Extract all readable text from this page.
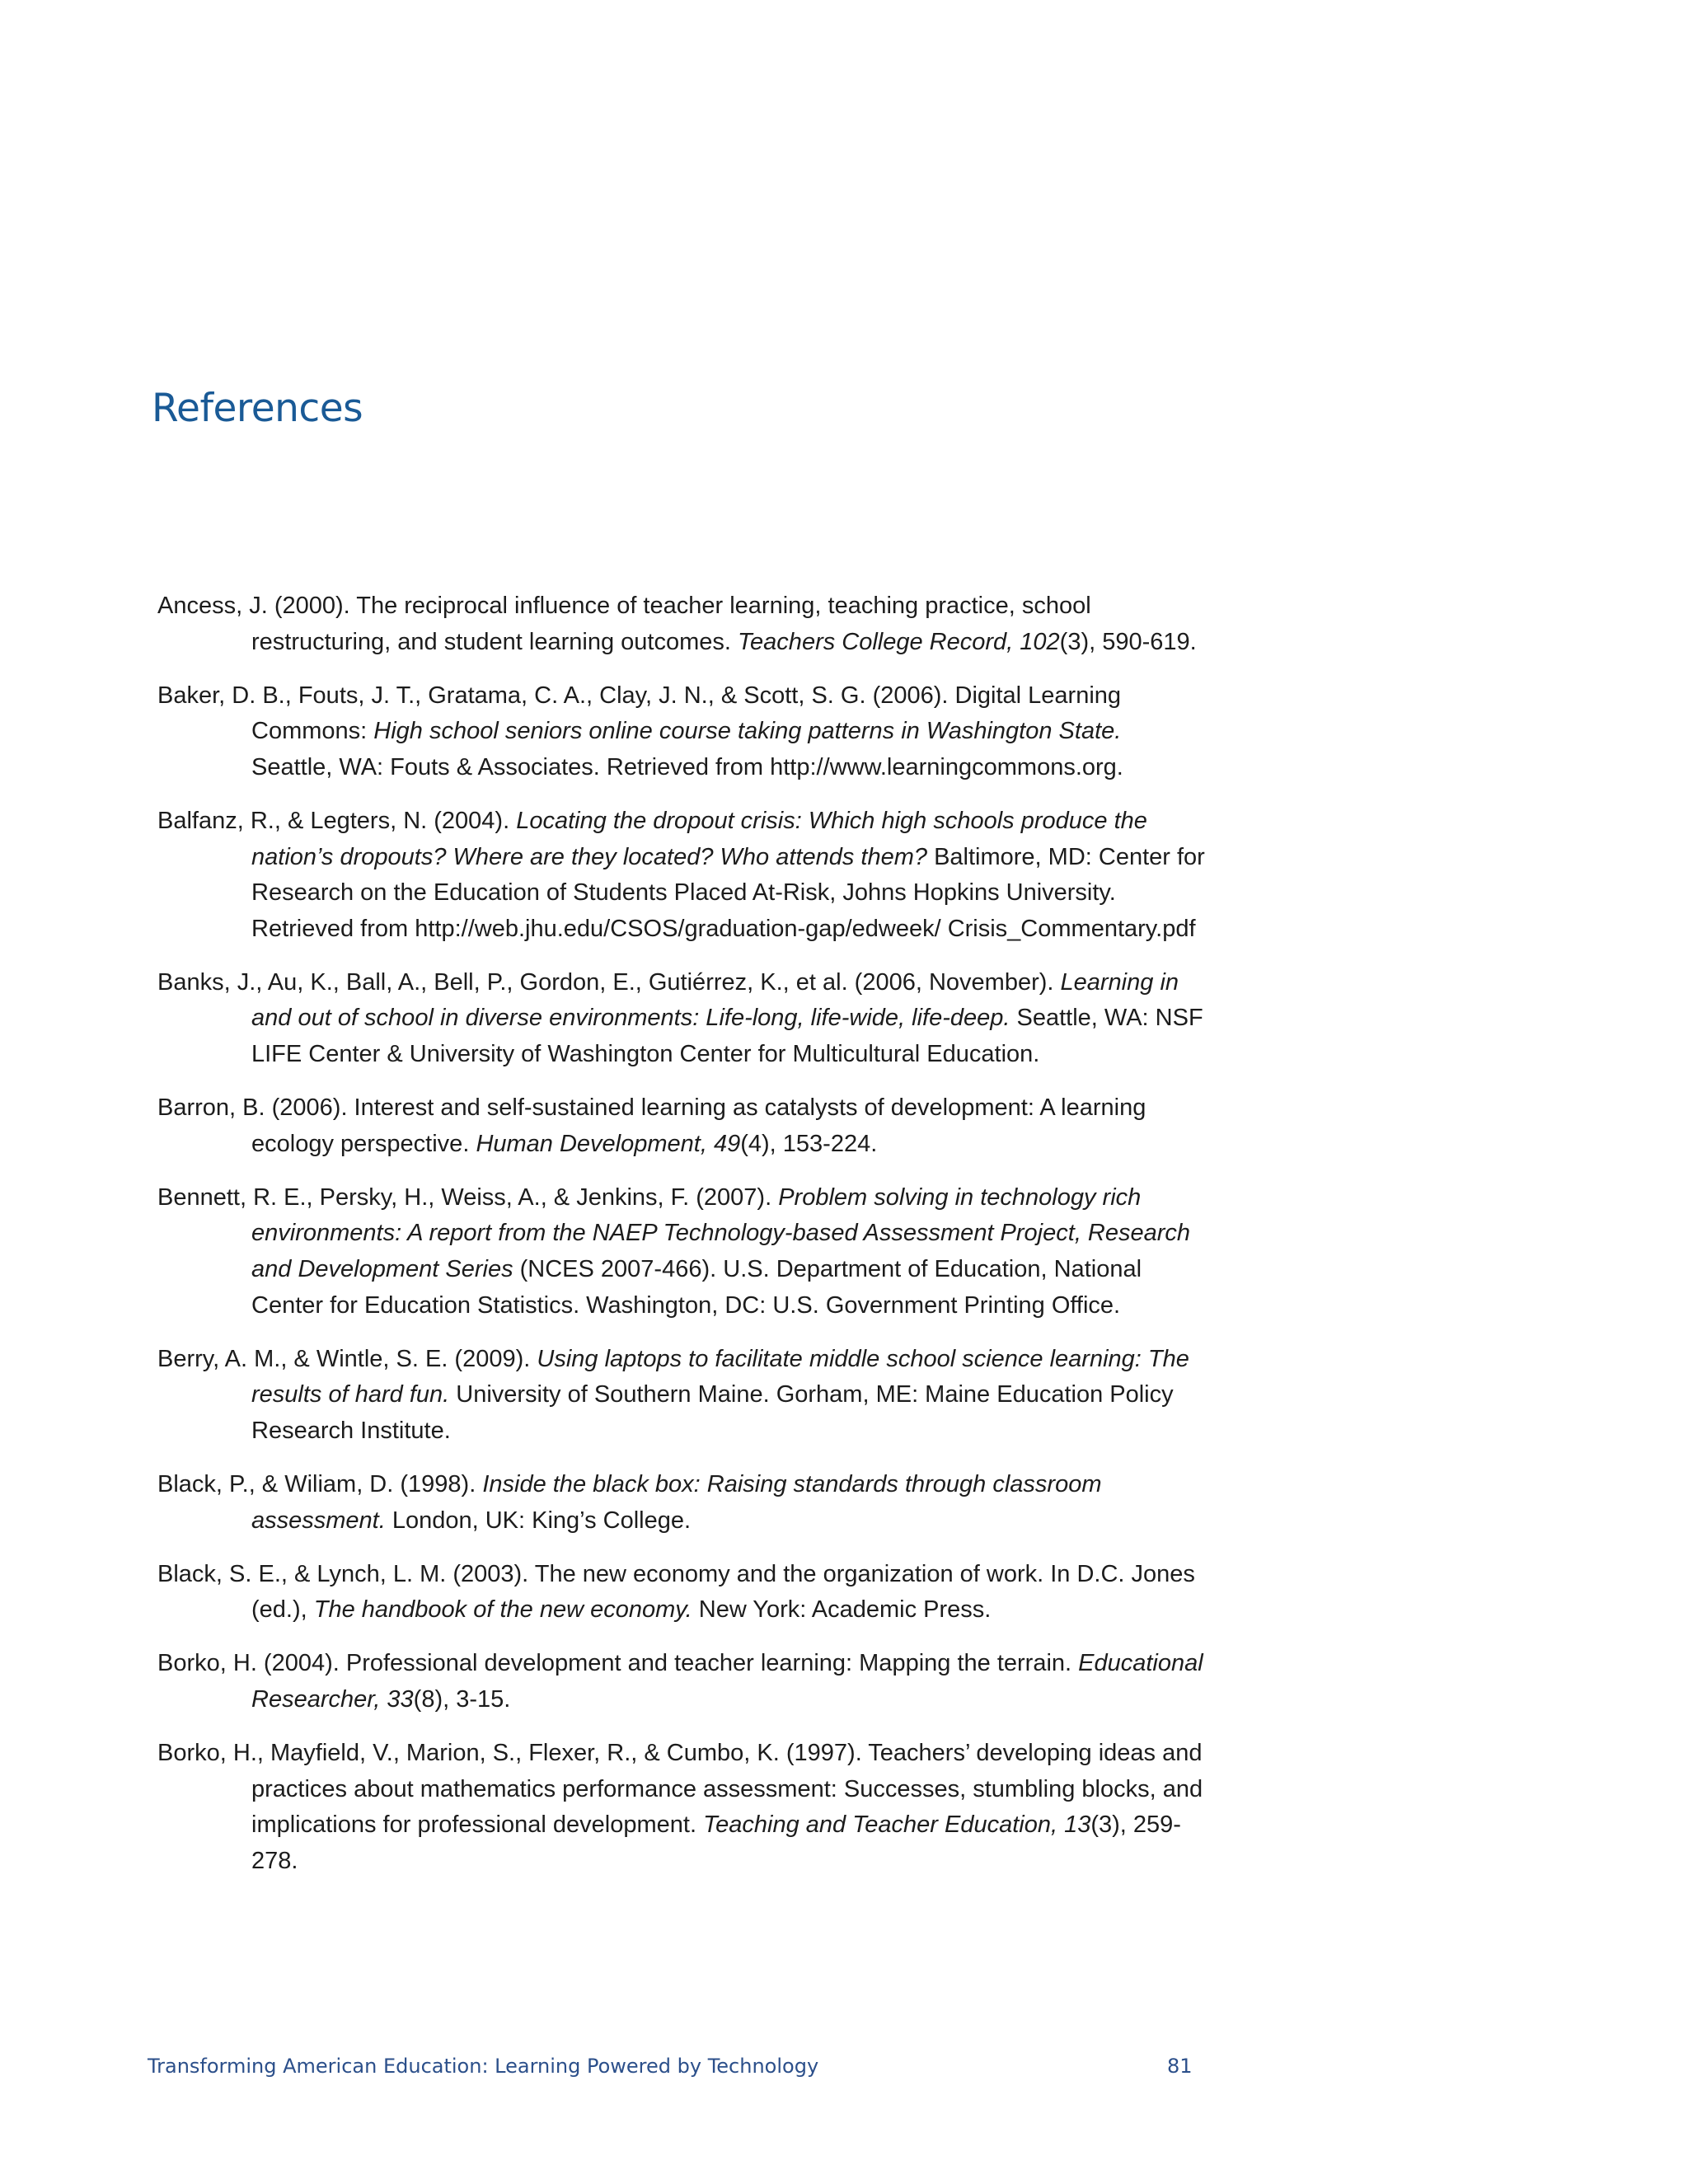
References
Ancess, J. (2000). The reciprocal influence of teacher learning, teaching practice, school restructuring, and student learning outcomes. Teachers College Record, 102(3), 590-619.
Baker, D. B., Fouts, J. T., Gratama, C. A., Clay, J. N., & Scott, S. G. (2006). Digital Learning Commons: High school seniors online course taking patterns in Washington State. Seattle, WA: Fouts & Associates. Retrieved from http://www.learningcommons.org.
Balfanz, R., & Legters, N. (2004). Locating the dropout crisis: Which high schools produce the nation’s dropouts? Where are they located? Who attends them? Baltimore, MD: Center for Research on the Education of Students Placed At-Risk, Johns Hopkins University. Retrieved from http://web.jhu.edu/CSOS/graduation-gap/edweek/ Crisis_Commentary.pdf
Banks, J., Au, K., Ball, A., Bell, P., Gordon, E., Gutiérrez, K., et al. (2006, November). Learning in and out of school in diverse environments: Life-long, life-wide, life-deep. Seattle, WA: NSF LIFE Center & University of Washington Center for Multicultural Education.
Barron, B. (2006). Interest and self-sustained learning as catalysts of development: A learning ecology perspective. Human Development, 49(4), 153-224.
Bennett, R. E., Persky, H., Weiss, A., & Jenkins, F. (2007). Problem solving in technology rich environments: A report from the NAEP Technology-based Assessment Project, Research and Development Series (NCES 2007-466). U.S. Department of Education, National Center for Education Statistics. Washington, DC: U.S. Government Printing Office.
Berry, A. M., & Wintle, S. E. (2009). Using laptops to facilitate middle school science learning: The results of hard fun. University of Southern Maine. Gorham, ME: Maine Education Policy Research Institute.
Black, P., & Wiliam, D. (1998). Inside the black box: Raising standards through classroom assessment. London, UK: King’s College.
Black, S. E., & Lynch, L. M. (2003). The new economy and the organization of work. In D.C. Jones (ed.), The handbook of the new economy. New York: Academic Press.
Borko, H. (2004). Professional development and teacher learning: Mapping the terrain. Educational Researcher, 33(8), 3-15.
Borko, H., Mayfield, V., Marion, S., Flexer, R., & Cumbo, K. (1997). Teachers’ developing ideas and practices about mathematics performance assessment: Successes, stumbling blocks, and implications for professional development. Teaching and Teacher Education, 13(3), 259-278.
Transforming American Education: Learning Powered by Technology	81
